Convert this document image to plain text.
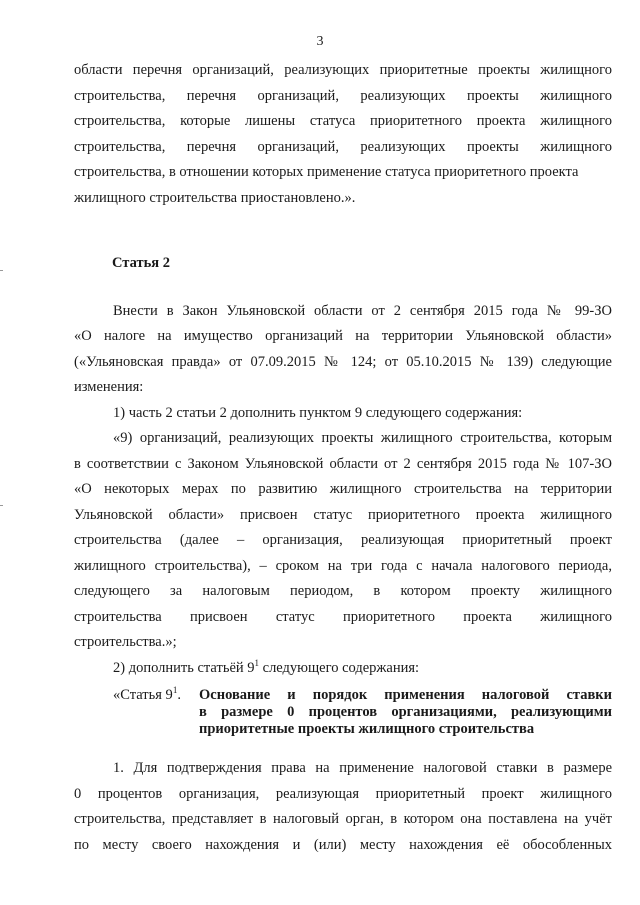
3

области перечня организаций, реализующих приоритетные проекты жилищного

строительства, перечня организаций, реализующих проекты жилищного

строительства, которые лишены статуса приоритетного проекта жилищного

строительства, перечня организаций, реализующих проекты жилищного

строительства, в отношении которых применение статуса приоритетного проекта

жилищного строительства приостановлено.».

Статья 2

Внести в Закон Ульяновской области от 2 сентября 2015 года № 99-ЗО

«О налоге на имущество организаций на территории Ульяновской области»

(«Ульяновская правда» от 07.09.2015 № 124; от 05.10.2015 № 139) следующие

изменения:

1) часть 2 статьи 2 дополнить пунктом 9 следующего содержания:

«9) организаций, реализующих проекты жилищного строительства, которым

в соответствии с Законом Ульяновской области от 2 сентября 2015 года № 107-ЗО

«О некоторых мерах по развитию жилищного строительства на территории

Ульяновской области» присвоен статус приоритетного проекта жилищного

строительства (далее – организация, реализующая приоритетный проект

жилищного строительства), – сроком на три года с начала налогового периода,

следующего за налоговым периодом, в котором проекту жилищного

строительства присвоен статус приоритетного проекта жилищного

строительства.»;

2) дополнить статьёй $9^1$ следующего содержания:

«Статья $9^1$.	Основание и порядок применения налоговой ставки
в размере 0 процентов организациями, реализующими
приоритетные проекты жилищного строительства

1. Для подтверждения права на применение налоговой ставки в размере

0 процентов организация, реализующая приоритетный проект жилищного

строительства, представляет в налоговый орган, в котором она поставлена на учёт

по месту своего нахождения и (или) месту нахождения её обособленных
